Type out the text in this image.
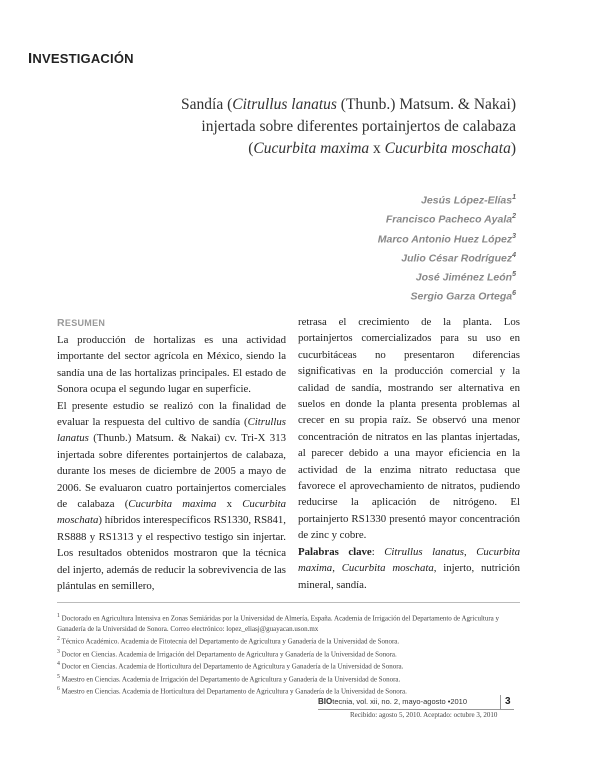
INVESTIGACIÓN
Sandía (Citrullus lanatus (Thunb.) Matsum. & Nakai)
injertada sobre diferentes portainjertos de calabaza
(Cucurbita maxima x Cucurbita moschata)
Jesús López-Elías$^1$
Francisco Pacheco Ayala$^2$
Marco Antonio Huez López$^3$
Julio César Rodríguez$^4$
José Jiménez León$^5$
Sergio Garza Ortega$^6$
RESUMEN

La producción de hortalizas es una actividad importante del sector agrícola en México, siendo la sandía una de las hortalizas principales. El estado de Sonora ocupa el segundo lugar en superficie.

El presente estudio se realizó con la finalidad de evaluar la respuesta del cultivo de sandía (Citrullus lanatus (Thunb.) Matsum. & Nakai) cv. Tri-X 313 injertada sobre diferentes portainjertos de calabaza, durante los meses de diciembre de 2005 a mayo de 2006. Se evaluaron cuatro portainjertos comerciales de calabaza (Cucurbita maxima x Cucurbita moschata) híbridos interespecíficos RS1330, RS841, RS888 y RS1313 y el respectivo testigo sin injertar. Los resultados obtenidos mostraron que la técnica del injerto, además de reducir la sobrevivencia de las plántulas en semillero,

retrasa el crecimiento de la planta. Los portainjertos comercializados para su uso en cucurbitáceas no presentaron diferencias significativas en la producción comercial y la calidad de sandía, mostrando ser alternativa en suelos en donde la planta presenta problemas al crecer en su propia raíz. Se observó una menor concentración de nitratos en las plantas injertadas, al parecer debido a una mayor eficiencia en la actividad de la enzima nitrato reductasa que favorece el aprovechamiento de nitratos, pudiendo reducirse la aplicación de nitrógeno. El portainjerto RS1330 presentó mayor concentración de zinc y cobre.

Palabras clave: Citrullus lanatus, Cucurbita maxima, Cucurbita moschata, injerto, nutrición mineral, sandía.

$^1$ Doctorado en Agricultura Intensiva en Zonas Semiáridas por la Universidad de Almería, España. Academia de Irrigación del Departamento de Agricultura y Ganadería de la Universidad de Sonora. Correo electrónico: lopez_eliasj@guayacan.uson.mx
$^2$ Técnico Académico. Academia de Fitotecnia del Departamento de Agricultura y Ganadería de la Universidad de Sonora.
$^3$ Doctor en Ciencias. Academia de Irrigación del Departamento de Agricultura y Ganadería de la Universidad de Sonora.
$^4$ Doctor en Ciencias. Academia de Horticultura del Departamento de Agricultura y Ganadería de la Universidad de Sonora.
$^5$ Maestro en Ciencias. Academia de Irrigación del Departamento de Agricultura y Ganadería de la Universidad de Sonora.
$^6$ Maestro en Ciencias. Academia de Horticultura del Departamento de Agricultura y Ganadería de la Universidad de Sonora.
BIOtecnia, vol. xii, no. 2, mayo-agosto •2010	3
Recibido: agosto 5, 2010. Aceptado: octubre 3, 2010
